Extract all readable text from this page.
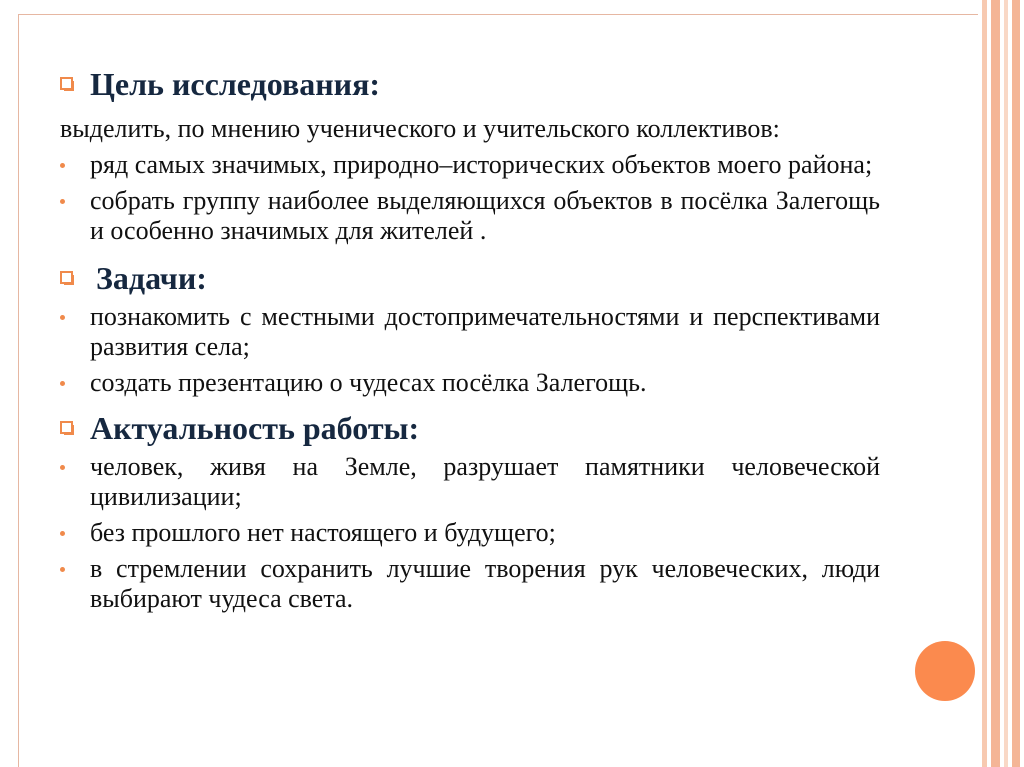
Цель исследования:
выделить, по мнению ученического и учительского коллективов:
ряд самых значимых, природно–исторических объектов моего района;
собрать группу наиболее выделяющихся объектов в посёлка Залегощь и особенно значимых для жителей .
Задачи:
познакомить с местными достопримечательностями и перспективами развития села;
создать презентацию о чудесах посёлка Залегощь.
Актуальность работы:
человек, живя на Земле, разрушает памятники человеческой цивилизации;
без прошлого нет настоящего и будущего;
в стремлении сохранить лучшие творения рук человеческих, люди выбирают чудеса света.
